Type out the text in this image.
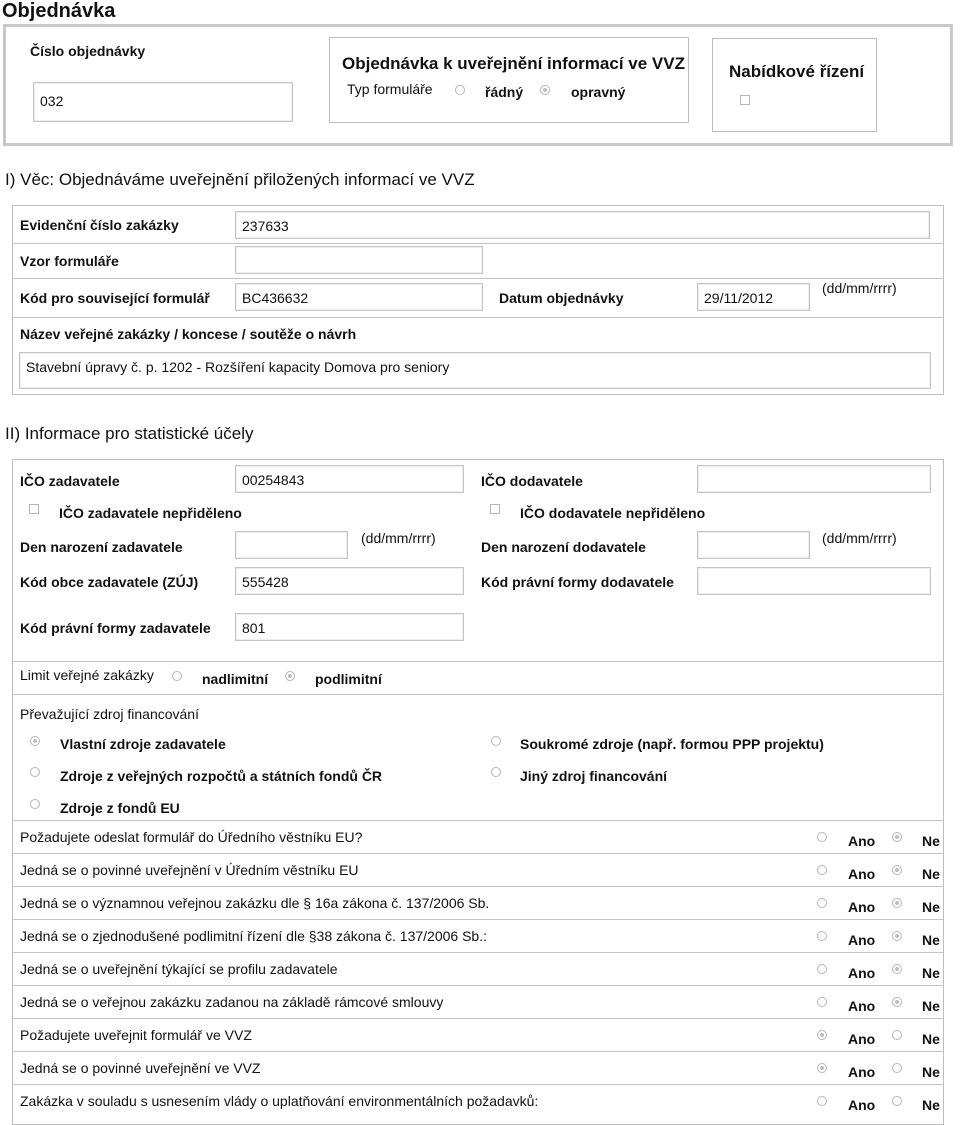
Objednávka
Číslo objednávky
032
Objednávka k uveřejnění informací ve VVZ
Typ formuláře	řádný	opravný
Nabídkové řízení
I) Věc: Objednáváme uveřejnění přiložených informací ve VVZ
Evidenční číslo zakázky	237633
Vzor formuláře
Kód pro související formulář	BC436632	Datum objednávky	29/11/2012
(dd/mm/rrrr)
Název veřejné zakázky / koncese / soutěže o návrh
Stavební úpravy č. p. 1202 - Rozšíření kapacity Domova pro seniory
II) Informace pro statistické účely
IČO zadavatele	00254843	IČO dodavatele
IČO zadavatele nepřiděleno	IČO dodavatele nepřiděleno
Den narození zadavatele
(dd/mm/rrrr)
Den narození dodavatele
(dd/mm/rrrr)
Kód obce zadavatele (ZÚJ)	555428	Kód právní formy dodavatele
Kód právní formy zadavatele	801
Limit veřejné zakázky	nadlimitní	podlimitní
Převažující zdroj financování
Vlastní zdroje zadavatele	Soukromé zdroje (např. formou PPP projektu)
Zdroje z veřejných rozpočtů a státních fondů ČR	Jiný zdroj financování
Zdroje z fondů EU
Požadujete odeslat formulář do Úředního věstníku EU?	Ano	Ne
Jedná se o povinné uveřejnění v Úředním věstníku EU	Ano	Ne
Jedná se o významnou veřejnou zakázku dle § 16a zákona č. 137/2006 Sb.	Ano	Ne
Jedná se o zjednodušené podlimitní řízení dle §38 zákona č. 137/2006 Sb.:	Ano	Ne
Jedná se o uveřejnění týkající se profilu zadavatele	Ano	Ne
Jedná se o veřejnou zakázku zadanou na základě rámcové smlouvy	Ano	Ne
Požadujete uveřejnit formulář ve VVZ	Ano	Ne
Jedná se o povinné uveřejnění ve VVZ	Ano	Ne
Zakázka v souladu s usnesením vlády o uplatňování environmentálních požadavků:	Ano	Ne
